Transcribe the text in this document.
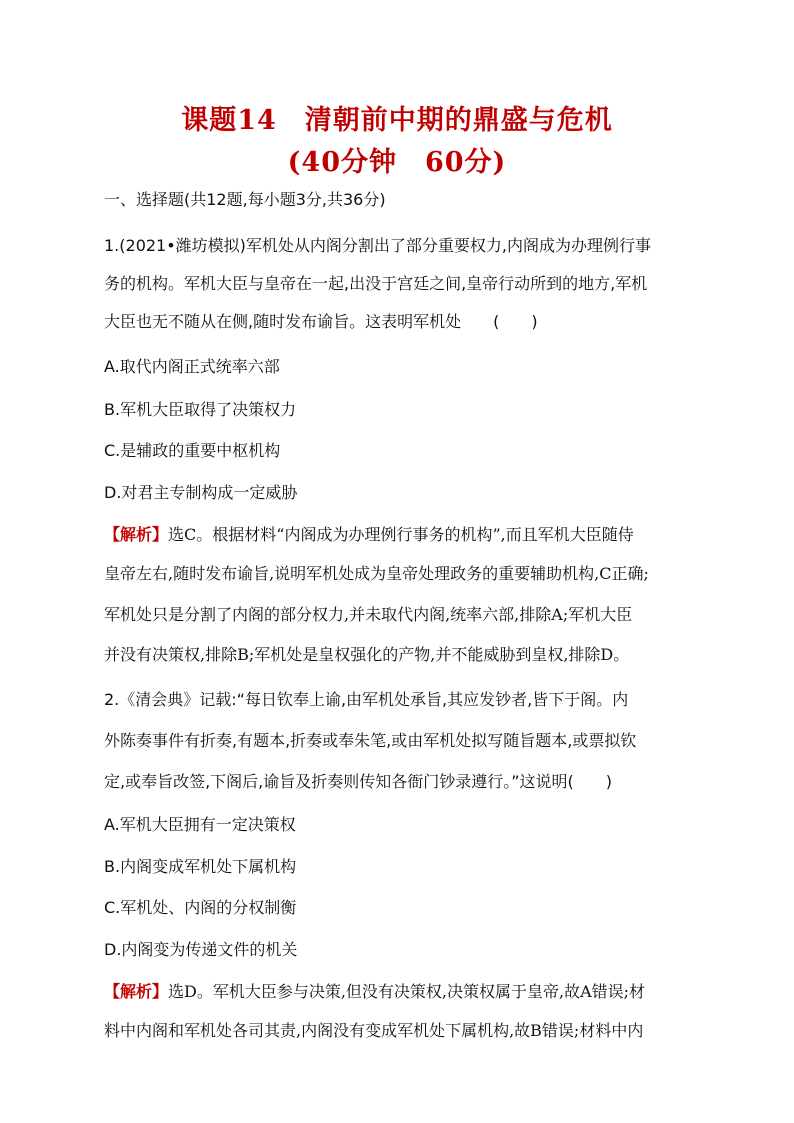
课题14　清朝前中期的鼎盛与危机
(40分钟　60分)
一、选择题(共12题,每小题3分,共36分)
1.(2021•潍坊模拟)军机处从内阁分割出了部分重要权力,内阁成为办理例行事
务的机构。军机大臣与皇帝在一起,出没于宫廷之间,皇帝行动所到的地方,军机
大臣也无不随从在侧,随时发布谕旨。这表明军机处　　(　　)
A.取代内阁正式统率六部
B.军机大臣取得了决策权力
C.是辅政的重要中枢机构
D.对君主专制构成一定威胁
【解析】选C。根据材料“内阁成为办理例行事务的机构”,而且军机大臣随侍
皇帝左右,随时发布谕旨,说明军机处成为皇帝处理政务的重要辅助机构,C正确;
军机处只是分割了内阁的部分权力,并未取代内阁,统率六部,排除A;军机大臣
并没有决策权,排除B;军机处是皇权强化的产物,并不能威胁到皇权,排除D。
2.《清会典》记载:“每日钦奉上谕,由军机处承旨,其应发钞者,皆下于阁。内
外陈奏事件有折奏,有题本,折奏或奉朱笔,或由军机处拟写随旨题本,或票拟钦
定,或奉旨改签,下阁后,谕旨及折奏则传知各衙门钞录遵行。”这说明(　　)
A.军机大臣拥有一定决策权
B.内阁变成军机处下属机构
C.军机处、内阁的分权制衡
D.内阁变为传递文件的机关
【解析】选D。军机大臣参与决策,但没有决策权,决策权属于皇帝,故A错误;材
料中内阁和军机处各司其责,内阁没有变成军机处下属机构,故B错误;材料中内
